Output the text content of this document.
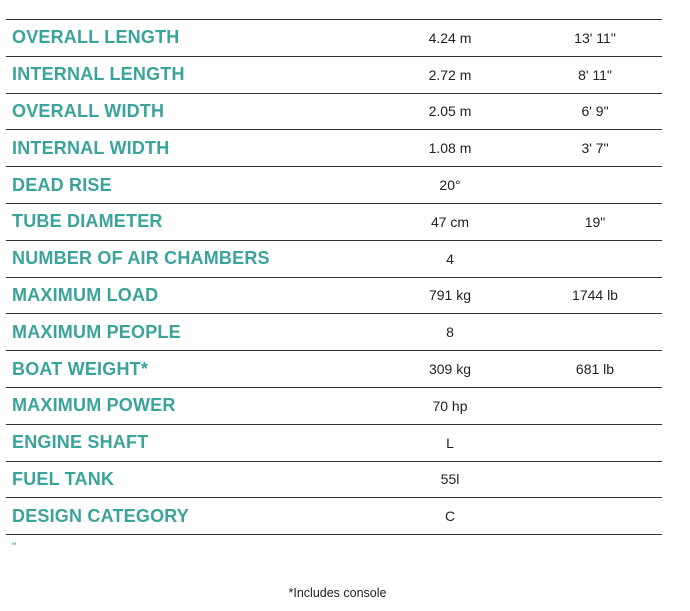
OVERALL LENGTH	4.24 m	13' 11"
INTERNAL LENGTH	2.72 m	8' 11"
OVERALL WIDTH	2.05 m	6' 9"
INTERNAL WIDTH	1.08 m	3' 7"
DEAD RISE	20°	
TUBE DIAMETER	47 cm	19"
NUMBER OF AIR CHAMBERS	4	
MAXIMUM LOAD	791 kg	1744 lb
MAXIMUM PEOPLE	8	
BOAT WEIGHT*	309 kg	681 lb
MAXIMUM POWER	70 hp	
ENGINE SHAFT	L	
FUEL TANK	55l	
DESIGN CATEGORY	C	
"
*Includes console
